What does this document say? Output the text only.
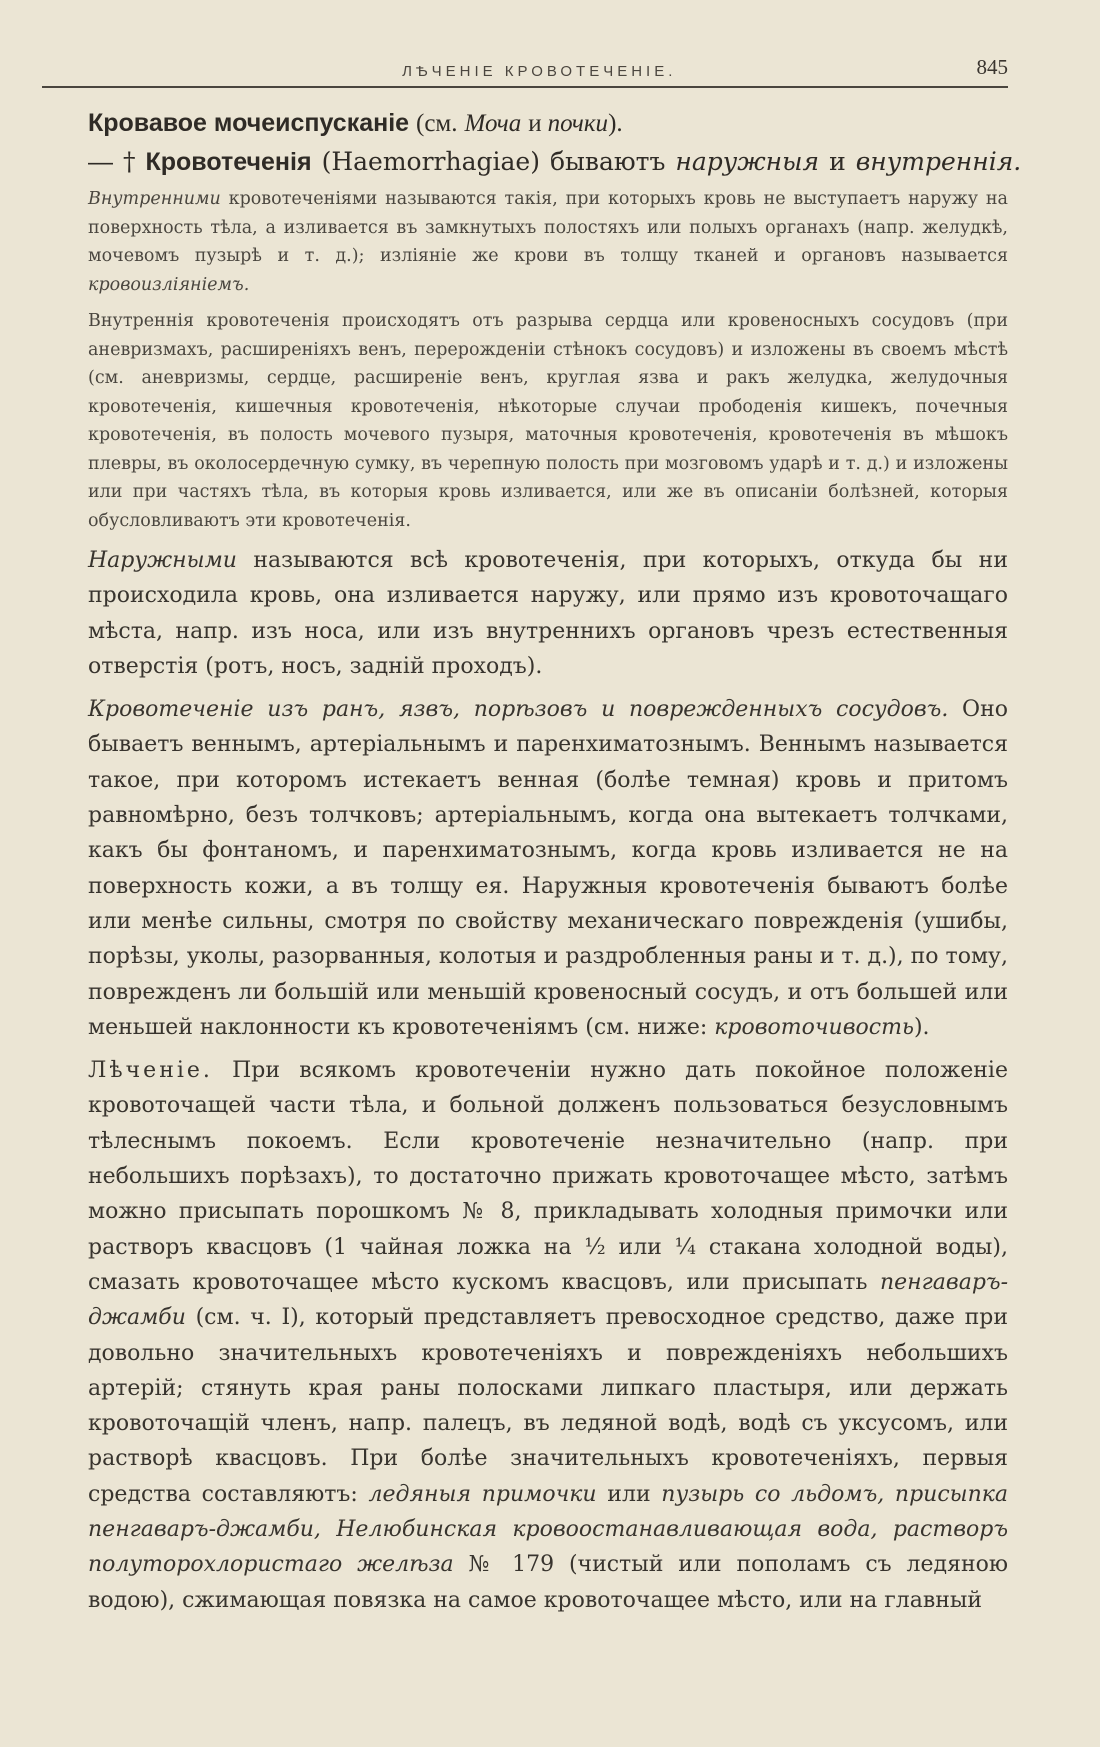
ЛѢЧЕНІЕ КРОВОТЕЧЕНІЕ.	845

Кровавое мочеиспусканіе (см. Моча и почки).

— † Кровотеченія (Haemorrhagiae) бываютъ наружныя и внутреннія.

Внутренними кровотеченіями называются такія, при которыхъ кровь не выступаетъ наружу на поверхность тѣла, а изливается въ замкнутыхъ полостяхъ или полыхъ органахъ (напр. желудкѣ, мочевомъ пузырѣ и т. д.); изліяніе же крови въ толщу тканей и органовъ называется кровоизліяніемъ.

Внутреннія кровотеченія происходятъ отъ разрыва сердца или кровеносныхъ сосудовъ (при аневризмахъ, расширеніяхъ венъ, перерожденіи стѣнокъ сосудовъ) и изложены въ своемъ мѣстѣ (см. аневризмы, сердце, расширеніе венъ, круглая язва и ракъ желудка, желудочныя кровотеченія, кишечныя кровотеченія, нѣкоторые случаи прободенія кишекъ, почечныя кровотеченія, въ полость мочевого пузыря, маточныя кровотеченія, кровотеченія въ мѣшокъ плевры, въ околосердечную сумку, въ черепную полость при мозговомъ ударѣ и т. д.) и изложены или при частяхъ тѣла, въ которыя кровь изливается, или же въ описаніи болѣзней, которыя обусловливаютъ эти кровотеченія.

Наружными называются всѣ кровотеченія, при которыхъ, откуда бы ни происходила кровь, она изливается наружу, или прямо изъ кровоточащаго мѣста, напр. изъ носа, или изъ внутреннихъ органовъ чрезъ естественныя отверстія (ротъ, носъ, задній проходъ).

Кровотеченіе изъ ранъ, язвъ, порѣзовъ и поврежденныхъ сосудовъ. Оно бываетъ веннымъ, артеріальнымъ и паренхиматознымъ. Веннымъ называется такое, при которомъ истекаетъ венная (болѣе темная) кровь и притомъ равномѣрно, безъ толчковъ; артеріальнымъ, когда она вытекаетъ толчками, какъ бы фонтаномъ, и паренхиматознымъ, когда кровь изливается не на поверхность кожи, а въ толщу ея. Наружныя кровотеченія бываютъ болѣе или менѣе сильны, смотря по свойству механическаго поврежденія (ушибы, порѣзы, уколы, разорванныя, колотыя и раздробленныя раны и т. д.), по тому, поврежденъ ли большій или меньшій кровеносный сосудъ, и отъ большей или меньшей наклонности къ кровотеченіямъ (см. ниже: кровоточивость).

Лѣченіе. При всякомъ кровотеченіи нужно дать покойное положеніе кровоточащей части тѣла, и больной долженъ пользоваться безусловнымъ тѣлеснымъ покоемъ. Если кровотеченіе незначительно (напр. при небольшихъ порѣзахъ), то достаточно прижать кровоточащее мѣсто, затѣмъ можно присыпать порошкомъ № 8, прикладывать холодныя примочки или растворъ квасцовъ (1 чайная ложка на ½ или ¼ стакана холодной воды), смазать кровоточащее мѣсто кускомъ квасцовъ, или присыпать пенгаваръ-джамби (см. ч. I), который представляетъ превосходное средство, даже при довольно значительныхъ кровотеченіяхъ и поврежденіяхъ небольшихъ артерій; стянуть края раны полосками липкаго пластыря, или держать кровоточащій членъ, напр. палецъ, въ ледяной водѣ, водѣ съ уксусомъ, или растворѣ квасцовъ. При болѣе значительныхъ кровотеченіяхъ, первыя средства составляютъ: ледяныя примочки или пузырь со льдомъ, присыпка пенгаваръ-джамби, Нелюбинская кровоостанавливающая вода, растворъ полуторохлористаго желѣза № 179 (чистый или пополамъ съ ледяною водою), сжимающая повязка на самое кровоточащее мѣсто, или на главный
